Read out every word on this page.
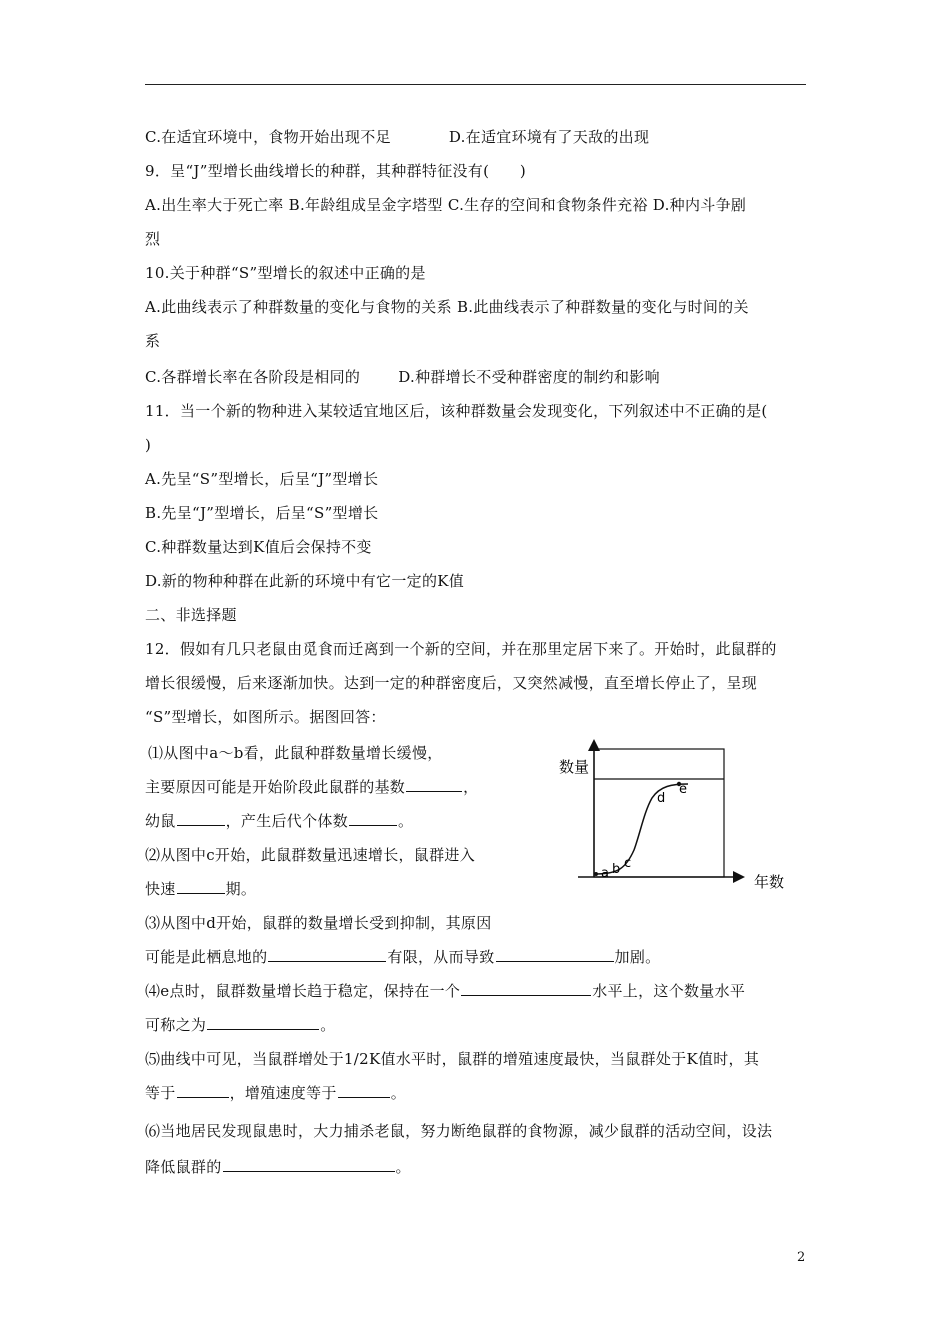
C.在适宜环境中，食物开始出现不足	D.在适宜环境有了天敌的出现
9．呈“J”型增长曲线增长的种群，其种群特征没有(　　)
A.出生率大于死亡率 B.年龄组成呈金字塔型 C.生存的空间和食物条件充裕 D.种内斗争剧
烈
10.关于种群“S”型增长的叙述中正确的是
A.此曲线表示了种群数量的变化与食物的关系 B.此曲线表示了种群数量的变化与时间的关
系
C.各群增长率在各阶段是相同的	D.种群增长不受种群密度的制约和影响
11．当一个新的物种进入某较适宜地区后，该种群数量会发现变化，下列叙述中不正确的是(
)
A.先呈“S”型增长，后呈“J”型增长
B.先呈“J”型增长，后呈“S”型增长
C.种群数量达到K值后会保持不变
D.新的物种种群在此新的环境中有它一定的K值
二、非选择题
12．假如有几只老鼠由觅食而迁离到一个新的空间，并在那里定居下来了。开始时，此鼠群的
增长很缓慢，后来逐渐加快。达到一定的种群密度后，又突然减慢，直至增长停止了，呈现
“S”型增长，如图所示。据图回答：
⑴从图中a～b看，此鼠种群数量增长缓慢，
主要原因可能是开始阶段此鼠群的基数	，
幼鼠	，产生后代个体数	。
⑵从图中c开始，此鼠群数量迅速增长，鼠群进入
快速	期。
⑶从图中d开始，鼠群的数量增长受到抑制，其原因
可能是此栖息地的	有限，从而导致	加剧。
⑷e点时，鼠群数量增长趋于稳定，保持在一个	水平上，这个数量水平
可称之为	。
⑸曲线中可见，当鼠群增处于1/2K值水平时，鼠群的增殖速度最快，当鼠群处于K值时，其
等于	，增殖速度等于	。
⑹当地居民发现鼠患时，大力捕杀老鼠，努力断绝鼠群的食物源，减少鼠群的活动空间，设法
降低鼠群的	。
数量
年数
a b c
d
e
2
